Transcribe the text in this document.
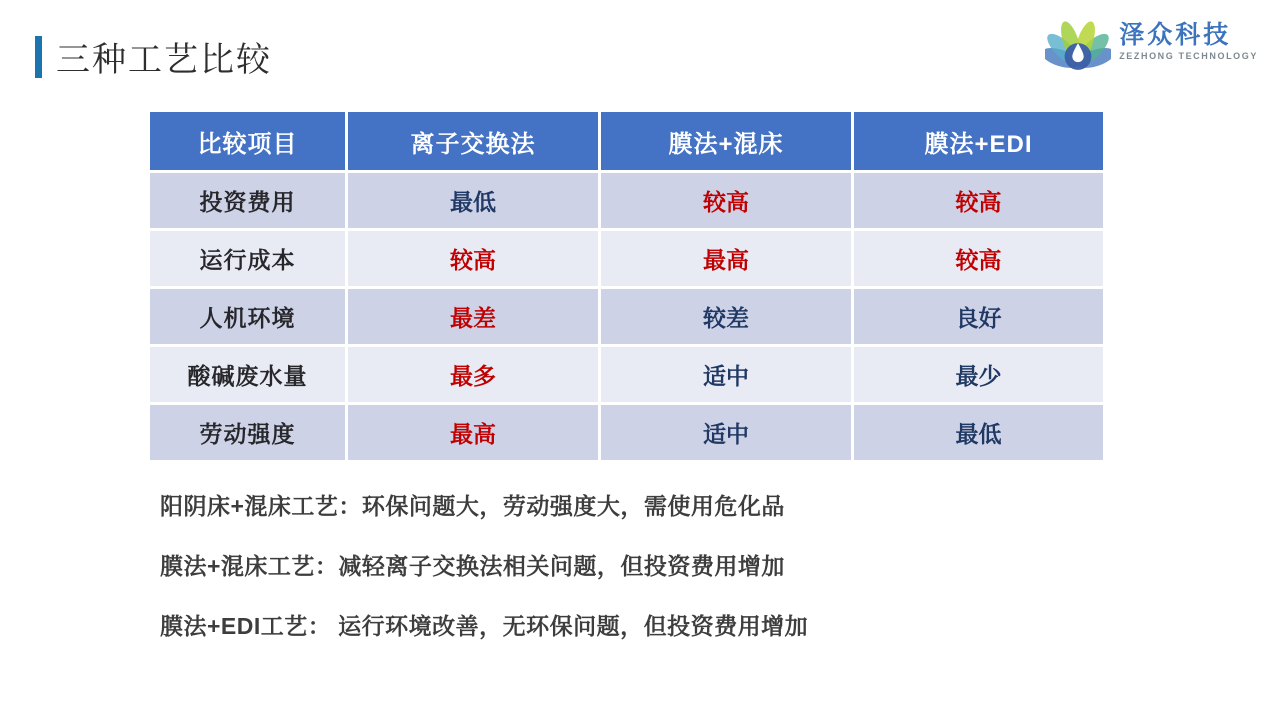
三种工艺比较
泽众科技
ZEZHONG TECHNOLOGY
比较项目	离子交换法	膜法+混床	膜法+EDI
投资费用	最低	较高	较高
运行成本	较高	最高	较高
人机环境	最差	较差	良好
酸碱废水量	最多	适中	最少
劳动强度	最高	适中	最低

阳阴床+混床工艺：环保问题大，劳动强度大，需使用危化品

膜法+混床工艺：减轻离子交换法相关问题，但投资费用增加

膜法+EDI工艺： 运行环境改善，无环保问题，但投资费用增加
